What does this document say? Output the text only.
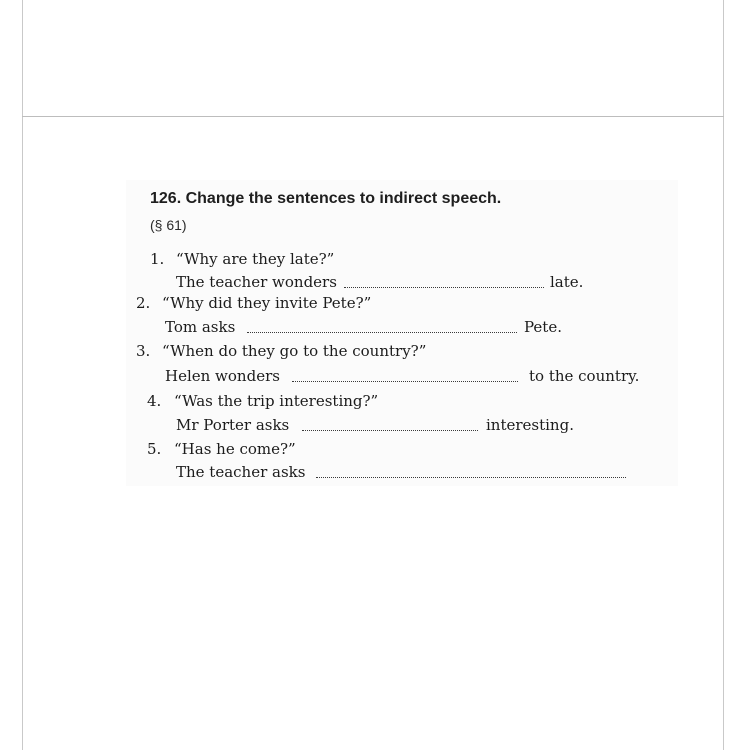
126. Change the sentences to indirect speech.
(§ 61)
1. “Why are they late?”
The teacher wonders	late.
2. “Why did they invite Pete?”
Tom asks	Pete.
3. “When do they go to the country?”
Helen wonders	to the country.
4. “Was the trip interesting?”
Mr Porter asks	interesting.
5. “Has he come?”
The teacher asks
